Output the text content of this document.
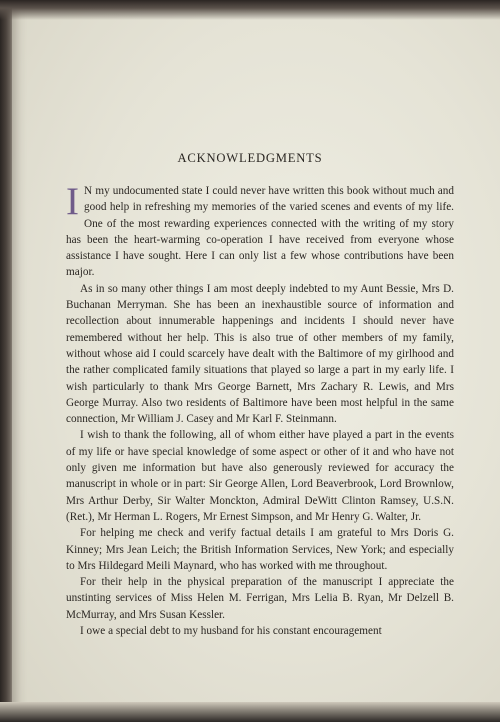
ACKNOWLEDGMENTS

I N my undocumented state I could never have written this book without much and good help in refreshing my memories of the varied scenes and events of my life. One of the most rewarding experiences connected with the writing of my story has been the heart-warming co-operation I have received from everyone whose assistance I have sought. Here I can only list a few whose contributions have been major.

As in so many other things I am most deeply indebted to my Aunt Bessie, Mrs D. Buchanan Merryman. She has been an inexhaustible source of information and recollection about innumerable happenings and incidents I should never have remembered without her help. This is also true of other members of my family, without whose aid I could scarcely have dealt with the Baltimore of my girlhood and the rather complicated family situations that played so large a part in my early life. I wish particularly to thank Mrs George Barnett, Mrs Zachary R. Lewis, and Mrs George Murray. Also two residents of Baltimore have been most helpful in the same connection, Mr William J. Casey and Mr Karl F. Steinmann.

I wish to thank the following, all of whom either have played a part in the events of my life or have special knowledge of some aspect or other of it and who have not only given me information but have also generously reviewed for accuracy the manuscript in whole or in part: Sir George Allen, Lord Beaverbrook, Lord Brownlow, Mrs Arthur Derby, Sir Walter Monckton, Admiral DeWitt Clinton Ramsey, U.S.N. (Ret.), Mr Herman L. Rogers, Mr Ernest Simpson, and Mr Henry G. Walter, Jr.

For helping me check and verify factual details I am grateful to Mrs Doris G. Kinney; Mrs Jean Leich; the British Information Services, New York; and especially to Mrs Hildegard Meili Maynard, who has worked with me throughout.

For their help in the physical preparation of the manuscript I appreciate the unstinting services of Miss Helen M. Ferrigan, Mrs Lelia B. Ryan, Mr Delzell B. McMurray, and Mrs Susan Kessler.

I owe a special debt to my husband for his constant encouragement
